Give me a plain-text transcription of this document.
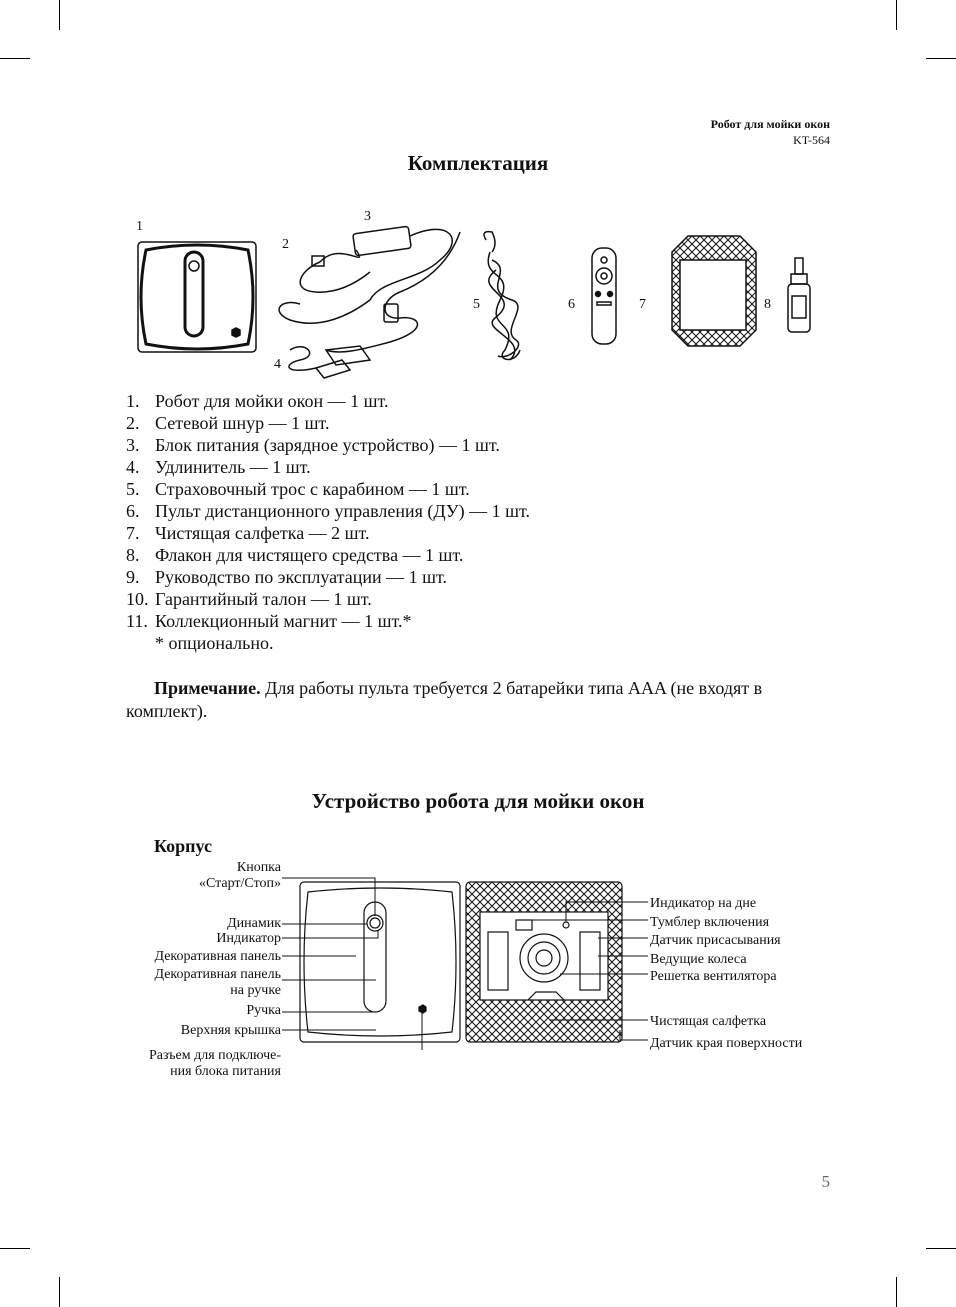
Робот для мойки окон
KT-564
Комплектация
1
2
3
4
5	6	7	8
1. Робот для мойки окон — 1 шт.
2. Сетевой шнур — 1 шт.
3. Блок питания (зарядное устройство) — 1 шт.
4. Удлинитель — 1 шт.
5. Страховочный трос с карабином — 1 шт.
6. Пульт дистанционного управления (ДУ) — 1 шт.
7. Чистящая салфетка — 2 шт.
8. Флакон для чистящего средства — 1 шт.
9. Руководство по эксплуатации — 1 шт.
10. Гарантийный талон — 1 шт.
11. Коллекционный магнит — 1 шт.*
* опционально.
Примечание. Для работы пульта требуется 2 батарейки типа AAA (не входят в комплект).
Устройство робота для мойки окон
Корпус
Кнопка
«Старт/Стоп»
Динамик
Индикатор
Декоративная панель
Декоративная панель
на ручке
Ручка
Верхняя крышка
Разъем для подключе-
ния блока питания
Индикатор на дне
Тумблер включения
Датчик присасывания
Ведущие колеса
Решетка вентилятора
Чистящая салфетка
Датчик края поверхности
5
